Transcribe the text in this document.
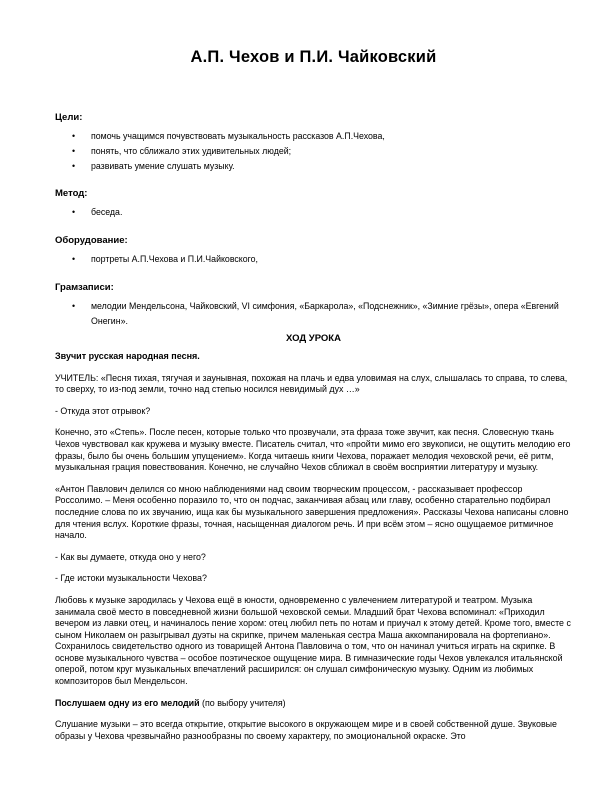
А.П. Чехов и П.И. Чайковский

Цели:

• помочь учащимся почувствовать музыкальность рассказов А.П.Чехова,
• понять, что сближало этих удивительных людей;
• развивать умение слушать музыку.

Метод:

• беседа.

Оборудование:

• портреты А.П.Чехова и П.И.Чайковского,

Грамзаписи:

• мелодии Мендельсона, Чайковский, VI симфония, «Баркарола», «Подснежник», «Зимние грёзы», опера «Евгений Онегин».

ХОД УРОКА

Звучит русская народная песня.

УЧИТЕЛЬ: «Песня тихая, тягучая и заунывная, похожая на плачь и едва уловимая на слух, слышалась то справа, то слева, то сверху, то из-под земли, точно над степью носился невидимый дух …»

- Откуда этот отрывок?

Конечно, это «Степь». После песен, которые только что прозвучали, эта фраза тоже звучит, как песня. Словесную ткань Чехов чувствовал как кружева и музыку вместе. Писатель считал, что «пройти мимо его звукописи, не ощутить мелодию его фразы, было бы очень большим упущением». Когда читаешь книги Чехова, поражает мелодия чеховской речи, её ритм, музыкальная грация повествования. Конечно, не случайно Чехов сближал в своём восприятии литературу и музыку.

«Антон Павлович делился со мною наблюдениями над своим творческим процессом, - рассказывает профессор Россолимо. – Меня особенно поразило то, что он подчас, заканчивая абзац или главу, особенно старательно подбирал последние слова по их звучанию, ища как бы музыкального завершения предложения». Рассказы Чехова написаны словно для чтения вслух. Короткие фразы, точная, насыщенная диалогом речь. И при всём этом – ясно ощущаемое ритмичное начало.

- Как вы думаете, откуда оно у него?

- Где истоки музыкальности Чехова?

Любовь к музыке зародилась у Чехова ещё в юности, одновременно с увлечением литературой и театром. Музыка занимала своё место в повседневной жизни большой чеховской семьи. Младший брат Чехова вспоминал: «Приходил вечером из лавки отец, и начиналось пение хором: отец любил петь по нотам и приучал к этому детей. Кроме того, вместе с сыном Николаем он разыгрывал дуэты на скрипке, причем маленькая сестра Маша аккомпанировала на фортепиано». Сохранилось свидетельство одного из товарищей Антона Павловича о том, что он начинал учиться играть на скрипке. В основе музыкального чувства – особое поэтическое ощущение мира. В гимназические годы Чехов увлекался итальянской оперой, потом круг музыкальных впечатлений расширился: он слушал симфоническую музыку. Одним из любимых композиторов был Мендельсон.

Послушаем одну из его мелодий (по выбору учителя)

Слушание музыки – это всегда открытие, открытие высокого в окружающем мире и в своей собственной душе. Звуковые образы у Чехова чрезвычайно разнообразны по своему характеру, по эмоциональной окраске. Это
